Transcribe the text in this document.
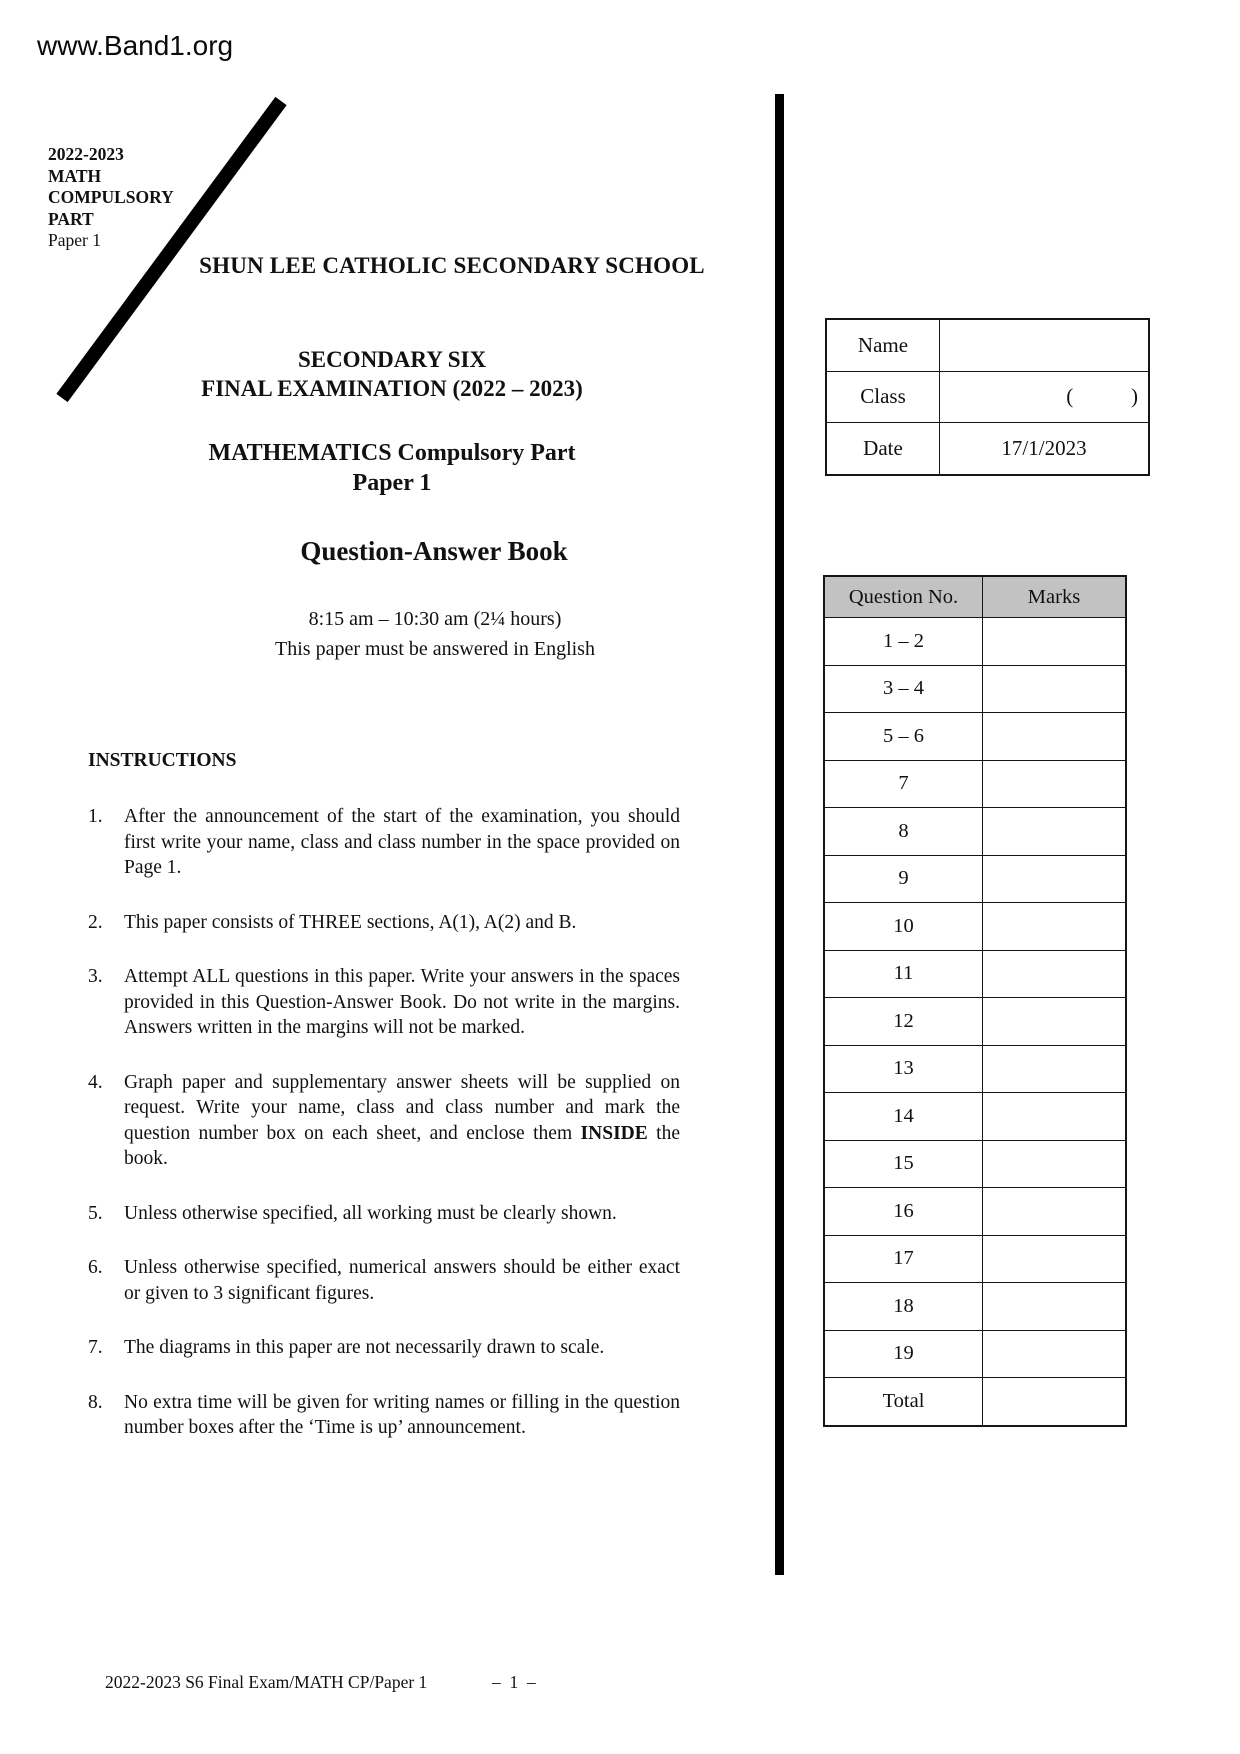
www.Band1.org
2022-2023
MATH
COMPULSORY
PART
Paper 1
SHUN LEE CATHOLIC SECONDARY SCHOOL
SECONDARY SIX
FINAL EXAMINATION (2022 – 2023)
MATHEMATICS Compulsory Part
Paper 1
Question-Answer Book
8:15 am – 10:30 am (2¼ hours)
This paper must be answered in English
INSTRUCTIONS
1.	After the announcement of the start of the examination, you should first write your name, class and class number in the space provided on Page 1.
2.	This paper consists of THREE sections, A(1), A(2) and B.
3.	Attempt ALL questions in this paper. Write your answers in the spaces provided in this Question-Answer Book. Do not write in the margins. Answers written in the margins will not be marked.
4.	Graph paper and supplementary answer sheets will be supplied on request. Write your name, class and class number and mark the question number box on each sheet, and enclose them INSIDE the book.
5.	Unless otherwise specified, all working must be clearly shown.
6.	Unless otherwise specified, numerical answers should be either exact or given to 3 significant figures.
7.	The diagrams in this paper are not necessarily drawn to scale.
8.	No extra time will be given for writing names or filling in the question number boxes after the ‘Time is up’ announcement.
Name	
Class	(           )
Date	17/1/2023
Question No.	Marks
1 – 2	
3 – 4	
5 – 6	
7	
8	
9	
10	
11	
12	
13	
14	
15	
16	
17	
18	
19	
Total	
2022-2023 S6 Final Exam/MATH CP/Paper 1	–  1  –
